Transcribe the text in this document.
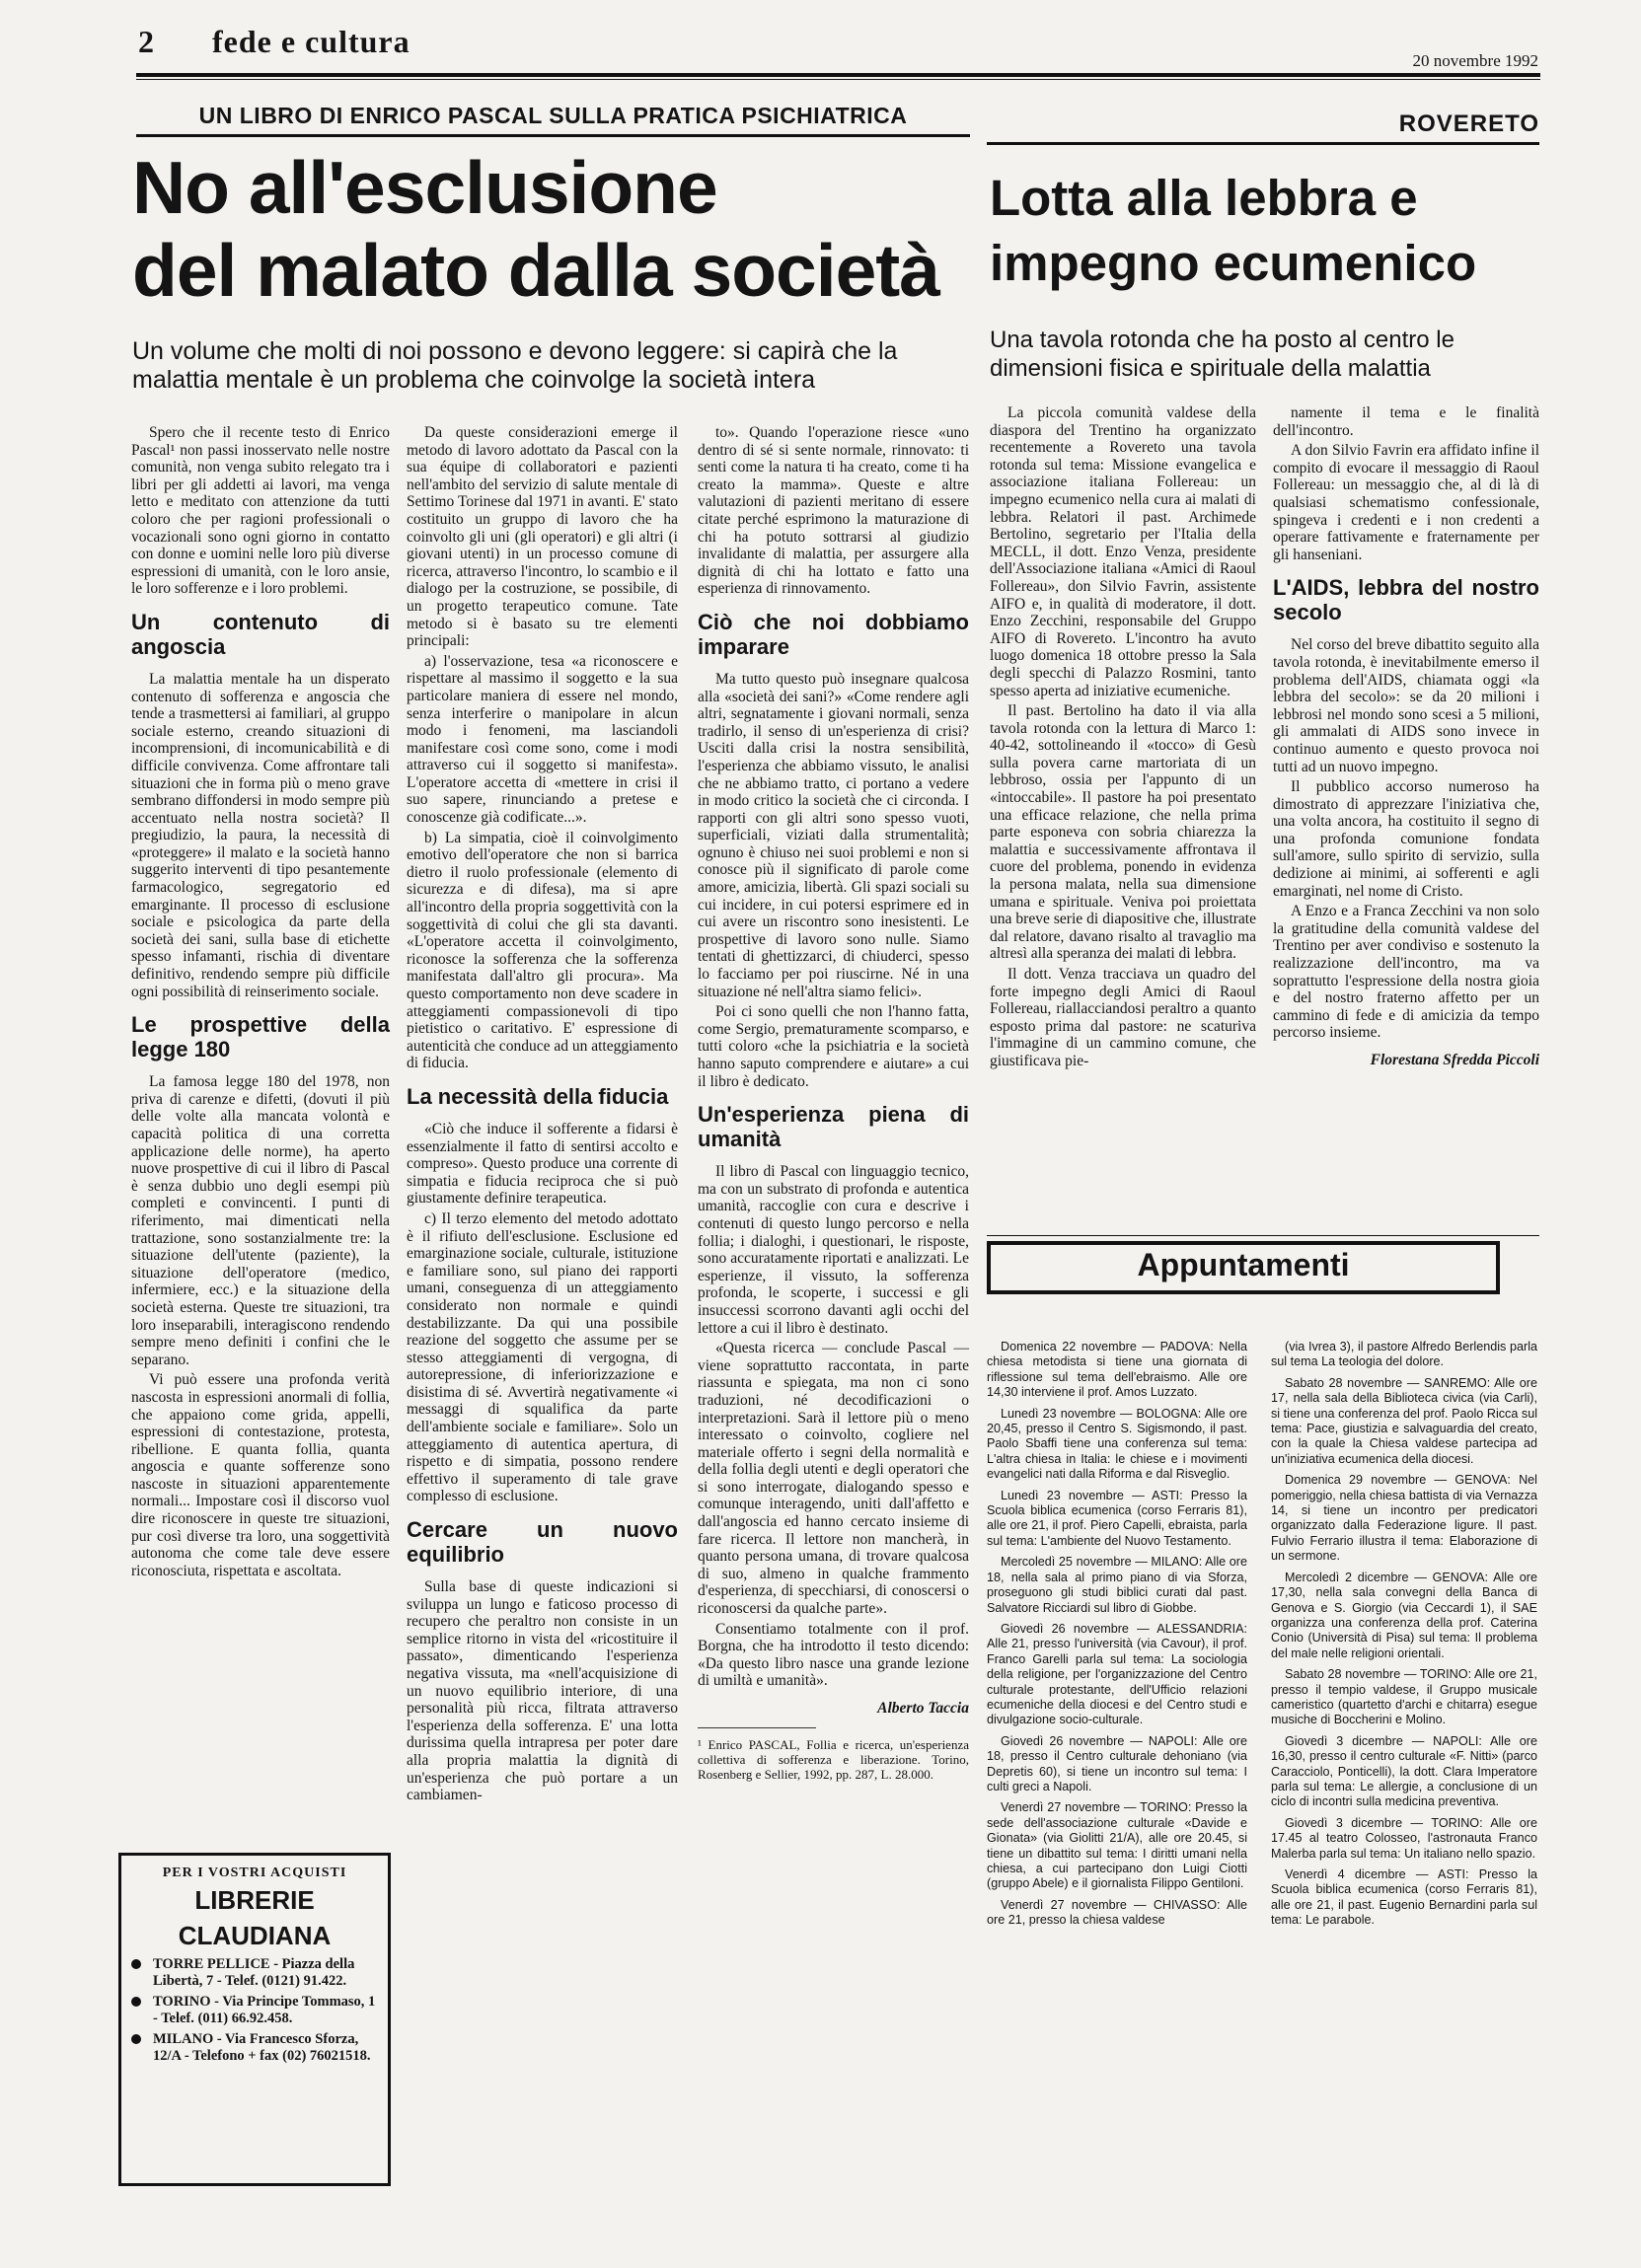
2 fede e cultura
20 novembre 1992
UN LIBRO DI ENRICO PASCAL SULLA PRATICA PSICHIATRICA
No all'esclusione
del malato dalla società
Un volume che molti di noi possono e devono leggere: si capirà che la malattia mentale è un problema che coinvolge la società intera
ROVERETO
Lotta alla lebbra e
impegno ecumenico
Una tavola rotonda che ha posto al centro le dimensioni fisica e spirituale della malattia

Spero che il recente testo di Enrico Pascal¹ non passi inosservato nelle nostre comunità, non venga subito relegato tra i libri per gli addetti ai lavori, ma venga letto e meditato con attenzione da tutti coloro che per ragioni professionali o vocazionali sono ogni giorno in contatto con donne e uomini nelle loro più diverse espressioni di umanità, con le loro ansie, le loro sofferenze e i loro problemi.

Un contenuto di angoscia

La malattia mentale ha un disperato contenuto di sofferenza e angoscia che tende a trasmettersi ai familiari, al gruppo sociale esterno, creando situazioni di incomprensioni, di incomunicabilità e di difficile convivenza. Come affrontare tali situazioni che in forma più o meno grave sembrano diffondersi in modo sempre più accentuato nella nostra società? Il pregiudizio, la paura, la necessità di «proteggere» il malato e la società hanno suggerito interventi di tipo pesantemente farmacologico, segregatorio ed emarginante. Il processo di esclusione sociale e psicologica da parte della società dei sani, sulla base di etichette spesso infamanti, rischia di diventare definitivo, rendendo sempre più difficile ogni possibilità di reinserimento sociale.

Le prospettive della legge 180

La famosa legge 180 del 1978, non priva di carenze e difetti, (dovuti il più delle volte alla mancata volontà e capacità politica di una corretta applicazione delle norme), ha aperto nuove prospettive di cui il libro di Pascal è senza dubbio uno degli esempi più completi e convincenti. I punti di riferimento, mai dimenticati nella trattazione, sono sostanzialmente tre: la situazione dell'utente (paziente), la situazione dell'operatore (medico, infermiere, ecc.) e la situazione della società esterna. Queste tre situazioni, tra loro inseparabili, interagiscono rendendo sempre meno definiti i confini che le separano.

Vi può essere una profonda verità nascosta in espressioni anormali di follia, che appaiono come grida, appelli, espressioni di contestazione, protesta, ribellione. E quanta follia, quanta angoscia e quante sofferenze sono nascoste in situazioni apparentemente normali... Impostare così il discorso vuol dire riconoscere in queste tre situazioni, pur così diverse tra loro, una soggettività autonoma che come tale deve essere riconosciuta, rispettata e ascoltata.

PER I VOSTRI ACQUISTI
LIBRERIE
CLAUDIANA
TORRE PELLICE - Piazza della Libertà, 7 - Telef. (0121) 91.422.
TORINO - Via Principe Tommaso, 1 - Telef. (011) 66.92.458.
MILANO - Via Francesco Sforza, 12/A - Telefono + fax (02) 76021518.

Da queste considerazioni emerge il metodo di lavoro adottato da Pascal con la sua équipe di collaboratori e pazienti nell'ambito del servizio di salute mentale di Settimo Torinese dal 1971 in avanti. E' stato costituito un gruppo di lavoro che ha coinvolto gli uni (gli operatori) e gli altri (i giovani utenti) in un processo comune di ricerca, attraverso l'incontro, lo scambio e il dialogo per la costruzione, se possibile, di un progetto terapeutico comune. Tate metodo si è basato su tre elementi principali:

a) l'osservazione, tesa «a riconoscere e rispettare al massimo il soggetto e la sua particolare maniera di essere nel mondo, senza interferire o manipolare in alcun modo i fenomeni, ma lasciandoli manifestare così come sono, come i modi attraverso cui il soggetto si manifesta». L'operatore accetta di «mettere in crisi il suo sapere, rinunciando a pretese e conoscenze già codificate...».

b) La simpatia, cioè il coinvolgimento emotivo dell'operatore che non si barrica dietro il ruolo professionale (elemento di sicurezza e di difesa), ma si apre all'incontro della propria soggettività con la soggettività di colui che gli sta davanti. «L'operatore accetta il coinvolgimento, riconosce la sofferenza che la sofferenza manifestata dall'altro gli procura». Ma questo comportamento non deve scadere in atteggiamenti compassionevoli di tipo pietistico o caritativo. E' espressione di autenticità che conduce ad un atteggiamento di fiducia.

La necessità della fiducia

«Ciò che induce il sofferente a fidarsi è essenzialmente il fatto di sentirsi accolto e compreso». Questo produce una corrente di simpatia e fiducia reciproca che si può giustamente definire terapeutica.

c) Il terzo elemento del metodo adottato è il rifiuto dell'esclusione. Esclusione ed emarginazione sociale, culturale, istituzione e familiare sono, sul piano dei rapporti umani, conseguenza di un atteggiamento considerato non normale e quindi destabilizzante. Da qui una possibile reazione del soggetto che assume per se stesso atteggiamenti di vergogna, di autorepressione, di inferiorizzazione e disistima di sé. Avvertirà negativamente «i messaggi di squalifica da parte dell'ambiente sociale e familiare». Solo un atteggiamento di autentica apertura, di rispetto e di simpatia, possono rendere effettivo il superamento di tale grave complesso di esclusione.

Cercare un nuovo equilibrio

Sulla base di queste indicazioni si sviluppa un lungo e faticoso processo di recupero che peraltro non consiste in un semplice ritorno in vista del «ricostituire il passato», dimenticando l'esperienza negativa vissuta, ma «nell'acquisizione di un nuovo equilibrio interiore, di una personalità più ricca, filtrata attraverso l'esperienza della sofferenza. E' una lotta durissima quella intrapresa per poter dare alla propria malattia la dignità di un'esperienza che può portare a un cambiamen-

to». Quando l'operazione riesce «uno dentro di sé si sente normale, rinnovato: ti senti come la natura ti ha creato, come ti ha creato la mamma». Queste e altre valutazioni di pazienti meritano di essere citate perché esprimono la maturazione di chi ha potuto sottrarsi al giudizio invalidante di malattia, per assurgere alla dignità di chi ha lottato e fatto una esperienza di rinnovamento.

Ciò che noi dobbiamo imparare

Ma tutto questo può insegnare qualcosa alla «società dei sani?» «Come rendere agli altri, segnatamente i giovani normali, senza tradirlo, il senso di un'esperienza di crisi? Usciti dalla crisi la nostra sensibilità, l'esperienza che abbiamo vissuto, le analisi che ne abbiamo tratto, ci portano a vedere in modo critico la società che ci circonda. I rapporti con gli altri sono spesso vuoti, superficiali, viziati dalla strumentalità; ognuno è chiuso nei suoi problemi e non si conosce più il significato di parole come amore, amicizia, libertà. Gli spazi sociali su cui incidere, in cui potersi esprimere ed in cui avere un riscontro sono inesistenti. Le prospettive di lavoro sono nulle. Siamo tentati di ghettizzarci, di chiuderci, spesso lo facciamo per poi riuscirne. Né in una situazione né nell'altra siamo felici».

Poi ci sono quelli che non l'hanno fatta, come Sergio, prematuramente scomparso, e tutti coloro «che la psichiatria e la società hanno saputo comprendere e aiutare» a cui il libro è dedicato.

Un'esperienza piena di umanità

Il libro di Pascal con linguaggio tecnico, ma con un substrato di profonda e autentica umanità, raccoglie con cura e descrive i contenuti di questo lungo percorso e nella follia; i dialoghi, i questionari, le risposte, sono accuratamente riportati e analizzati. Le esperienze, il vissuto, la sofferenza profonda, le scoperte, i successi e gli insuccessi scorrono davanti agli occhi del lettore a cui il libro è destinato.

«Questa ricerca — conclude Pascal — viene soprattutto raccontata, in parte riassunta e spiegata, ma non ci sono traduzioni, né decodificazioni o interpretazioni. Sarà il lettore più o meno interessato o coinvolto, cogliere nel materiale offerto i segni della normalità e della follia degli utenti e degli operatori che si sono interrogate, dialogando spesso e comunque interagendo, uniti dall'affetto e dall'angoscia ed hanno cercato insieme di fare ricerca. Il lettore non mancherà, in quanto persona umana, di trovare qualcosa di suo, almeno in qualche frammento d'esperienza, di specchiarsi, di conoscersi o riconoscersi da qualche parte».

Consentiamo totalmente con il prof. Borgna, che ha introdotto il testo dicendo: «Da questo libro nasce una grande lezione di umiltà e umanità».

Alberto Taccia

¹ Enrico PASCAL, Follia e ricerca, un'esperienza collettiva di sofferenza e liberazione. Torino, Rosenberg e Sellier, 1992, pp. 287, L. 28.000.

La piccola comunità valdese della diaspora del Trentino ha organizzato recentemente a Rovereto una tavola rotonda sul tema: Missione evangelica e associazione italiana Follereau: un impegno ecumenico nella cura ai malati di lebbra. Relatori il past. Archimede Bertolino, segretario per l'Italia della MECLL, il dott. Enzo Venza, presidente dell'Associazione italiana «Amici di Raoul Follereau», don Silvio Favrin, assistente AIFO e, in qualità di moderatore, il dott. Enzo Zecchini, responsabile del Gruppo AIFO di Rovereto. L'incontro ha avuto luogo domenica 18 ottobre presso la Sala degli specchi di Palazzo Rosmini, tanto spesso aperta ad iniziative ecumeniche.

Il past. Bertolino ha dato il via alla tavola rotonda con la lettura di Marco 1: 40-42, sottolineando il «tocco» di Gesù sulla povera carne martoriata di un lebbroso, ossia per l'appunto di un «intoccabile». Il pastore ha poi presentato una efficace relazione, che nella prima parte esponeva con sobria chiarezza la malattia e successivamente affrontava il cuore del problema, ponendo in evidenza la persona malata, nella sua dimensione umana e spirituale. Veniva poi proiettata una breve serie di diapositive che, illustrate dal relatore, davano risalto al travaglio ma altresì alla speranza dei malati di lebbra.

Il dott. Venza tracciava un quadro del forte impegno degli Amici di Raoul Follereau, riallacciandosi peraltro a quanto esposto prima dal pastore: ne scaturiva l'immagine di un cammino comune, che giustificava pie-

namente il tema e le finalità dell'incontro.

A don Silvio Favrin era affidato infine il compito di evocare il messaggio di Raoul Follereau: un messaggio che, al di là di qualsiasi schematismo confessionale, spingeva i credenti e i non credenti a operare fattivamente e fraternamente per gli hanseniani.

L'AIDS, lebbra del nostro secolo

Nel corso del breve dibattito seguito alla tavola rotonda, è inevitabilmente emerso il problema dell'AIDS, chiamata oggi «la lebbra del secolo»: se da 20 milioni i lebbrosi nel mondo sono scesi a 5 milioni, gli ammalati di AIDS sono invece in continuo aumento e questo provoca noi tutti ad un nuovo impegno.

Il pubblico accorso numeroso ha dimostrato di apprezzare l'iniziativa che, una volta ancora, ha costituito il segno di una profonda comunione fondata sull'amore, sullo spirito di servizio, sulla dedizione ai minimi, ai sofferenti e agli emarginati, nel nome di Cristo.

A Enzo e a Franca Zecchini va non solo la gratitudine della comunità valdese del Trentino per aver condiviso e sostenuto la realizzazione dell'incontro, ma va soprattutto l'espressione della nostra gioia e del nostro fraterno affetto per un cammino di fede e di amicizia da tempo percorso insieme.

Florestana Sfredda Piccoli

Appuntamenti

Domenica 22 novembre — PADOVA: Nella chiesa metodista si tiene una giornata di riflessione sul tema dell'ebraismo. Alle ore 14,30 interviene il prof. Amos Luzzato.

Lunedì 23 novembre — BOLOGNA: Alle ore 20,45, presso il Centro S. Sigismondo, il past. Paolo Sbaffi tiene una conferenza sul tema: L'altra chiesa in Italia: le chiese e i movimenti evangelici nati dalla Riforma e dal Risveglio.

Lunedì 23 novembre — ASTI: Presso la Scuola biblica ecumenica (corso Ferraris 81), alle ore 21, il prof. Piero Capelli, ebraista, parla sul tema: L'ambiente del Nuovo Testamento.

Mercoledì 25 novembre — MILANO: Alle ore 18, nella sala al primo piano di via Sforza, proseguono gli studi biblici curati dal past. Salvatore Ricciardi sul libro di Giobbe.

Giovedì 26 novembre — ALESSANDRIA: Alle 21, presso l'università (via Cavour), il prof. Franco Garelli parla sul tema: La sociologia della religione, per l'organizzazione del Centro culturale protestante, dell'Ufficio relazioni ecumeniche della diocesi e del Centro studi e divulgazione socio-culturale.

Giovedì 26 novembre — NAPOLI: Alle ore 18, presso il Centro culturale dehoniano (via Depretis 60), si tiene un incontro sul tema: I culti greci a Napoli.

Venerdì 27 novembre — TORINO: Presso la sede dell'associazione culturale «Davide e Gionata» (via Giolitti 21/A), alle ore 20.45, si tiene un dibattito sul tema: I diritti umani nella chiesa, a cui partecipano don Luigi Ciotti (gruppo Abele) e il giornalista Filippo Gentiloni.

Venerdì 27 novembre — CHIVASSO: Alle ore 21, presso la chiesa valdese

(via Ivrea 3), il pastore Alfredo Berlendis parla sul tema La teologia del dolore.

Sabato 28 novembre — SANREMO: Alle ore 17, nella sala della Biblioteca civica (via Carli), si tiene una conferenza del prof. Paolo Ricca sul tema: Pace, giustizia e salvaguardia del creato, con la quale la Chiesa valdese partecipa ad un'iniziativa ecumenica della diocesi.

Domenica 29 novembre — GENOVA: Nel pomeriggio, nella chiesa battista di via Vernazza 14, si tiene un incontro per predicatori organizzato dalla Federazione ligure. Il past. Fulvio Ferrario illustra il tema: Elaborazione di un sermone.

Mercoledì 2 dicembre — GENOVA: Alle ore 17,30, nella sala convegni della Banca di Genova e S. Giorgio (via Ceccardi 1), il SAE organizza una conferenza della prof. Caterina Conio (Università di Pisa) sul tema: Il problema del male nelle religioni orientali.

Sabato 28 novembre — TORINO: Alle ore 21, presso il tempio valdese, il Gruppo musicale cameristico (quartetto d'archi e chitarra) esegue musiche di Boccherini e Molino.

Giovedì 3 dicembre — NAPOLI: Alle ore 16,30, presso il centro culturale «F. Nitti» (parco Caracciolo, Ponticelli), la dott. Clara Imperatore parla sul tema: Le allergie, a conclusione di un ciclo di incontri sulla medicina preventiva.

Giovedì 3 dicembre — TORINO: Alle ore 17.45 al teatro Colosseo, l'astronauta Franco Malerba parla sul tema: Un italiano nello spazio.

Venerdì 4 dicembre — ASTI: Presso la Scuola biblica ecumenica (corso Ferraris 81), alle ore 21, il past. Eugenio Bernardini parla sul tema: Le parabole.
